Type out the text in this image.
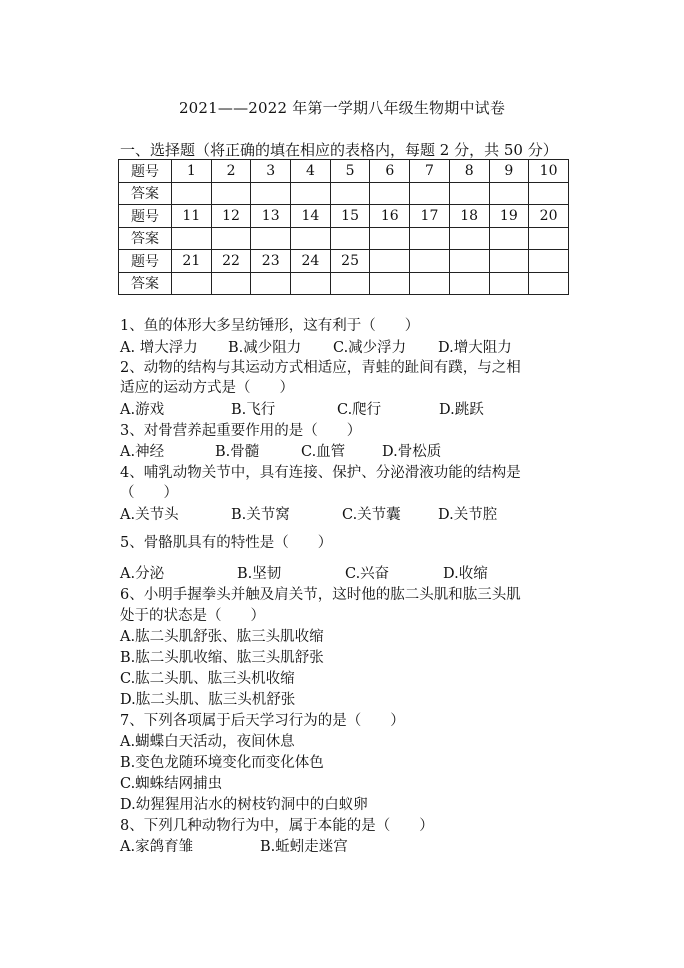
2021——2022 年第一学期八年级生物期中试卷
一、选择题（将正确的填在相应的表格内，每题 2 分，共 50 分）
题号	1	2	3	4	5	6	7	8	9	10
答案										
题号	11	12	13	14	15	16	17	18	19	20
答案										
题号	21	22	23	24	25					
答案										
1、鱼的体形大多呈纺锤形，这有利于（　　）
A. 增大浮力 B.减少阻力 C.减少浮力 D.增大阻力
2、动物的结构与其运动方式相适应，青蛙的趾间有蹼，与之相
适应的运动方式是（　　）
A.游戏	B.飞行	C.爬行	D.跳跃
3、对骨营养起重要作用的是（　　）
A.神经	B.骨髓	C.血管	D.骨松质
4、哺乳动物关节中，具有连接、保护、分泌滑液功能的结构是
（　　）
A.关节头	B.关节窝	C.关节囊	D.关节腔
5、骨骼肌具有的特性是（　　）
A.分泌	B.坚韧	C.兴奋	D.收缩
6、小明手握拳头并触及肩关节，这时他的肱二头肌和肱三头肌
处于的状态是（　　）
A.肱二头肌舒张、肱三头肌收缩
B.肱二头肌收缩、肱三头肌舒张
C.肱二头肌、肱三头机收缩
D.肱二头肌、肱三头机舒张
7、下列各项属于后天学习行为的是（　　）
A.蝴蝶白天活动，夜间休息
B.变色龙随环境变化而变化体色
C.蜘蛛结网捕虫
D.幼猩猩用沾水的树枝钓洞中的白蚁卵
8、下列几种动物行为中，属于本能的是（　　）
A.家鸽育雏	B.蚯蚓走迷宫
